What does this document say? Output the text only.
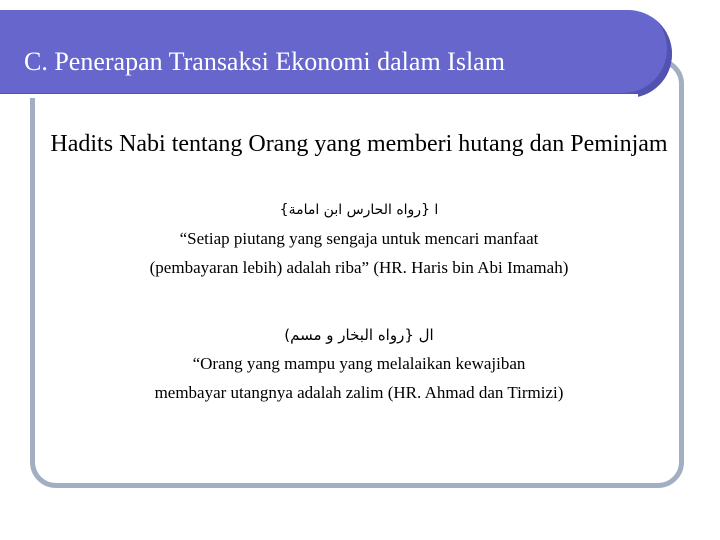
C. Penerapan Transaksi Ekonomi dalam Islam

Hadits Nabi tentang Orang yang memberi hutang dan Peminjam

ا {رواه الحارس ابن امامة}

“Setiap piutang yang sengaja untuk mencari manfaat

(pembayaran lebih) adalah riba” (HR. Haris bin Abi Imamah)

ال {رواه البخار و مسم)

“Orang yang mampu yang melalaikan kewajiban

membayar utangnya adalah zalim (HR. Ahmad dan Tirmizi)
